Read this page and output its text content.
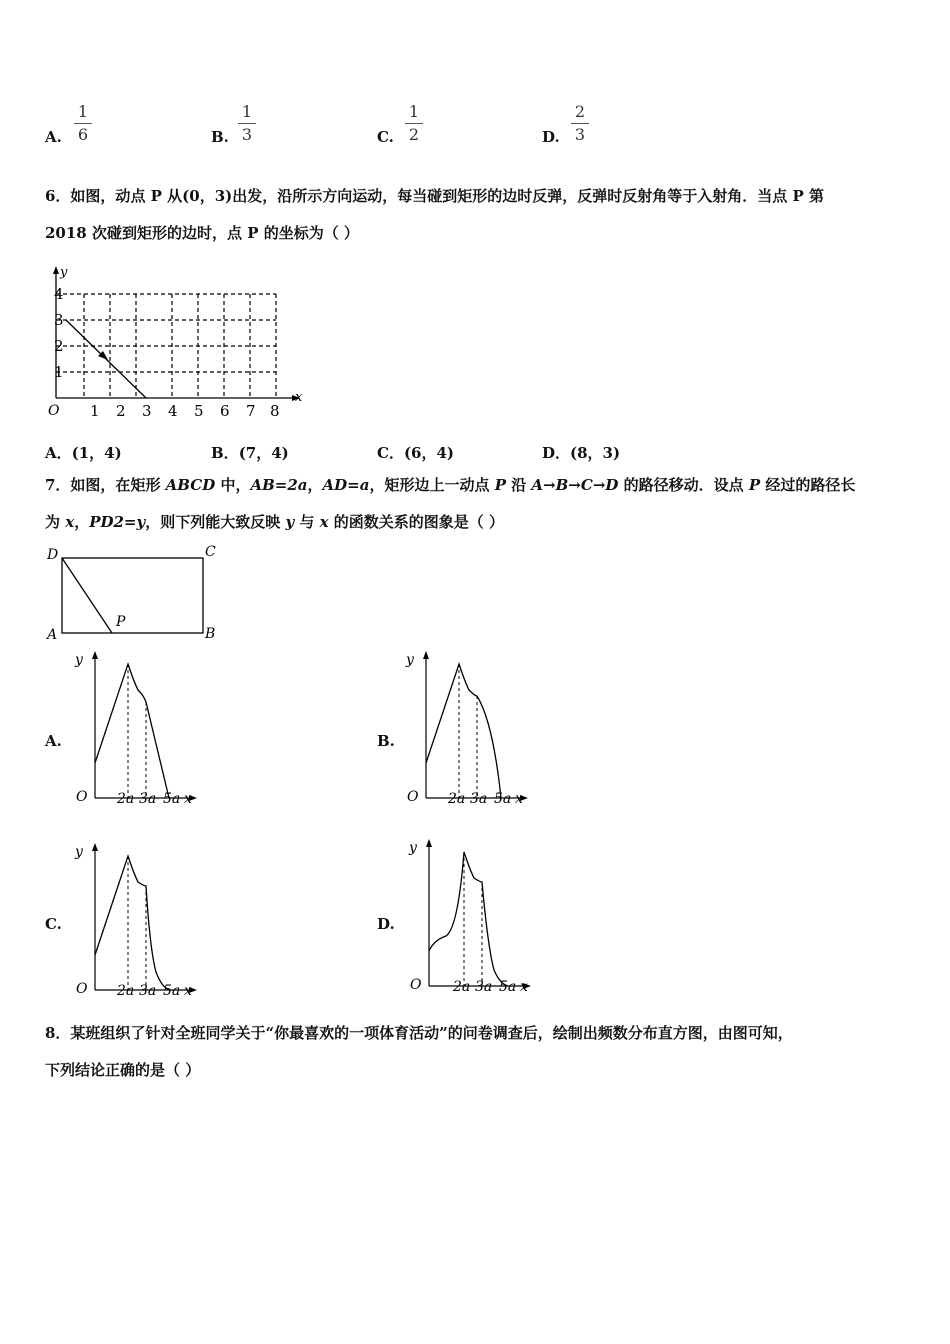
A.
1
6	B.
1
3	C.
1
2	D.
2
3
6．如图，动点 P 从(0，3)出发，沿所示方向运动，每当碰到矩形的边时反弹，反弹时反射角等于入射角．当点 P 第
2018 次碰到矩形的边时，点 P 的坐标为（ ）
y
x
O
4
3
2
1
1 2 3 4 5 6 7 8
A．(1，4)	B．(7，4)	C．(6，4)	D．(8，3)
7．如图，在矩形 ABCD 中，AB=2a，AD=a，矩形边上一动点 P 沿 A→B→C→D 的路径移动．设点 P 经过的路径长
为 x，PD2=y，则下列能大致反映 y 与 x 的函数关系的图象是（ ）
D	C
A	B
P
A.	B.
C.	D.
y
O 2a 3a 5a x
y
O 2a 3a 5a x
y
O 2a 3a 5a x
y
O 2a 3a 5a x
8．某班组织了针对全班同学关于“你最喜欢的一项体育活动”的问卷调查后，绘制出频数分布直方图，由图可知，
下列结论正确的是（ ）
